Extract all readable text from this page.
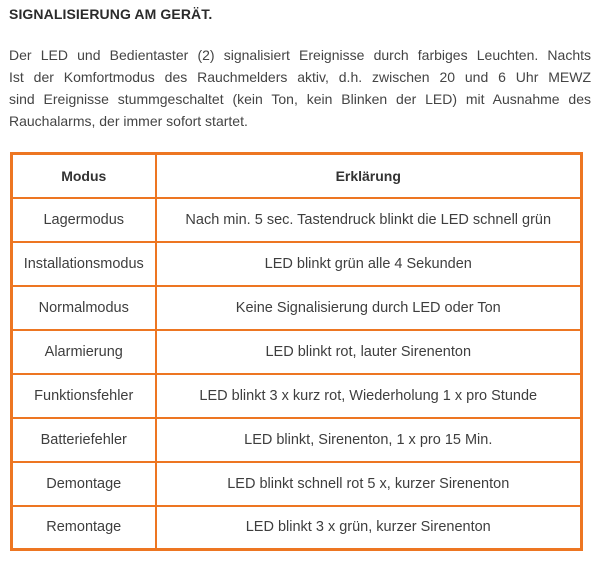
SIGNALISIERUNG AM GERÄT.
Der LED und Bedientaster (2) signalisiert Ereignisse durch farbiges Leuchten. Nachts
Ist der Komfortmodus des Rauchmelders aktiv, d.h. zwischen 20 und 6 Uhr MEWZ
sind Ereignisse stummgeschaltet (kein Ton, kein Blinken der LED) mit Ausnahme des
Rauchalarms, der immer sofort startet.
Modus	Erklärung
Lagermodus	Nach min. 5 sec. Tastendruck blinkt die LED schnell grün
Installationsmodus	LED blinkt grün alle 4 Sekunden
Normalmodus	Keine Signalisierung durch LED oder Ton
Alarmierung	LED blinkt rot, lauter Sirenenton
Funktionsfehler	LED blinkt 3 x kurz rot, Wiederholung 1 x pro Stunde
Batteriefehler	LED blinkt, Sirenenton, 1 x pro 15 Min.
Demontage	LED blinkt schnell rot 5 x, kurzer Sirenenton
Remontage	LED blinkt 3 x grün, kurzer Sirenenton
